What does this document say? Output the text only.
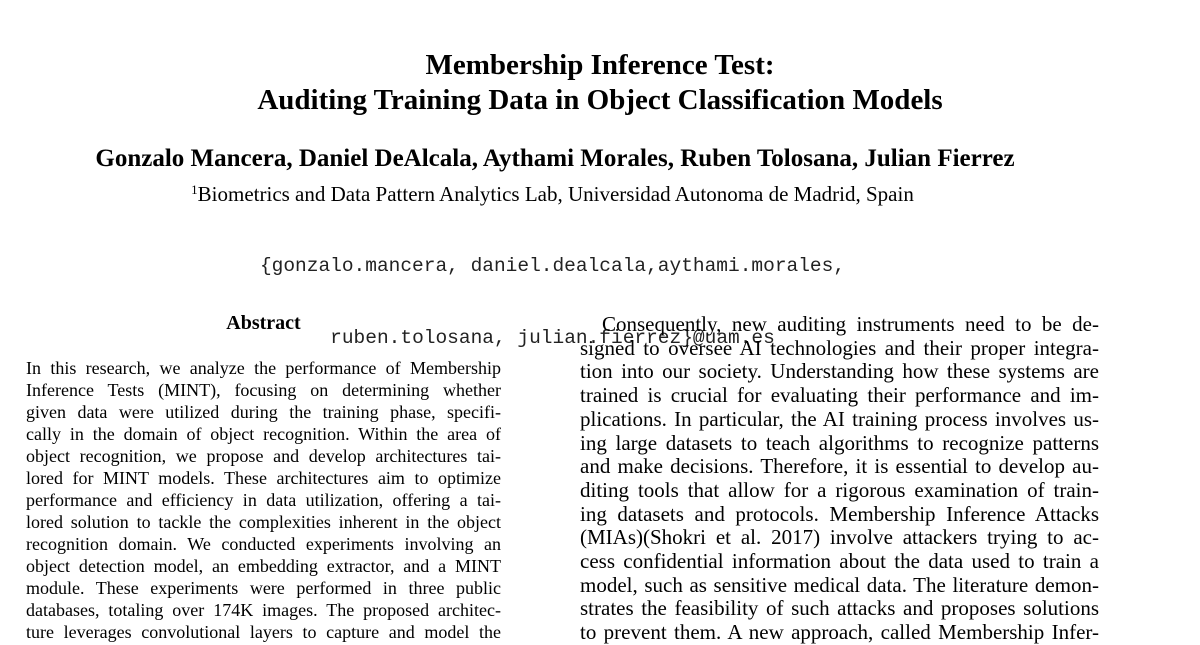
Membership Inference Test:
Auditing Training Data in Object Classification Models
Gonzalo Mancera, Daniel DeAlcala, Aythami Morales, Ruben Tolosana, Julian Fierrez
$^1$Biometrics and Data Pattern Analytics Lab, Universidad Autonoma de Madrid, Spain

{gonzalo.mancera, daniel.dealcala,aythami.morales,

ruben.tolosana, julian.fierrez}@uam.es

Abstract
In this research, we analyze the performance of Membership
Inference Tests (MINT), focusing on determining whether
given data were utilized during the training phase, specifi-
cally in the domain of object recognition. Within the area of
object recognition, we propose and develop architectures tai-
lored for MINT models. These architectures aim to optimize
performance and efficiency in data utilization, offering a tai-
lored solution to tackle the complexities inherent in the object
recognition domain. We conducted experiments involving an
object detection model, an embedding extractor, and a MINT
module. These experiments were performed in three public
databases, totaling over 174K images. The proposed architec-
ture leverages convolutional layers to capture and model the
Consequently, new auditing instruments need to be de-
signed to oversee AI technologies and their proper integra-
tion into our society. Understanding how these systems are
trained is crucial for evaluating their performance and im-
plications. In particular, the AI training process involves us-
ing large datasets to teach algorithms to recognize patterns
and make decisions. Therefore, it is essential to develop au-
diting tools that allow for a rigorous examination of train-
ing datasets and protocols. Membership Inference Attacks
(MIAs)(Shokri et al. 2017) involve attackers trying to ac-
cess confidential information about the data used to train a
model, such as sensitive medical data. The literature demon-
strates the feasibility of such attacks and proposes solutions
to prevent them. A new approach, called Membership Infer-
